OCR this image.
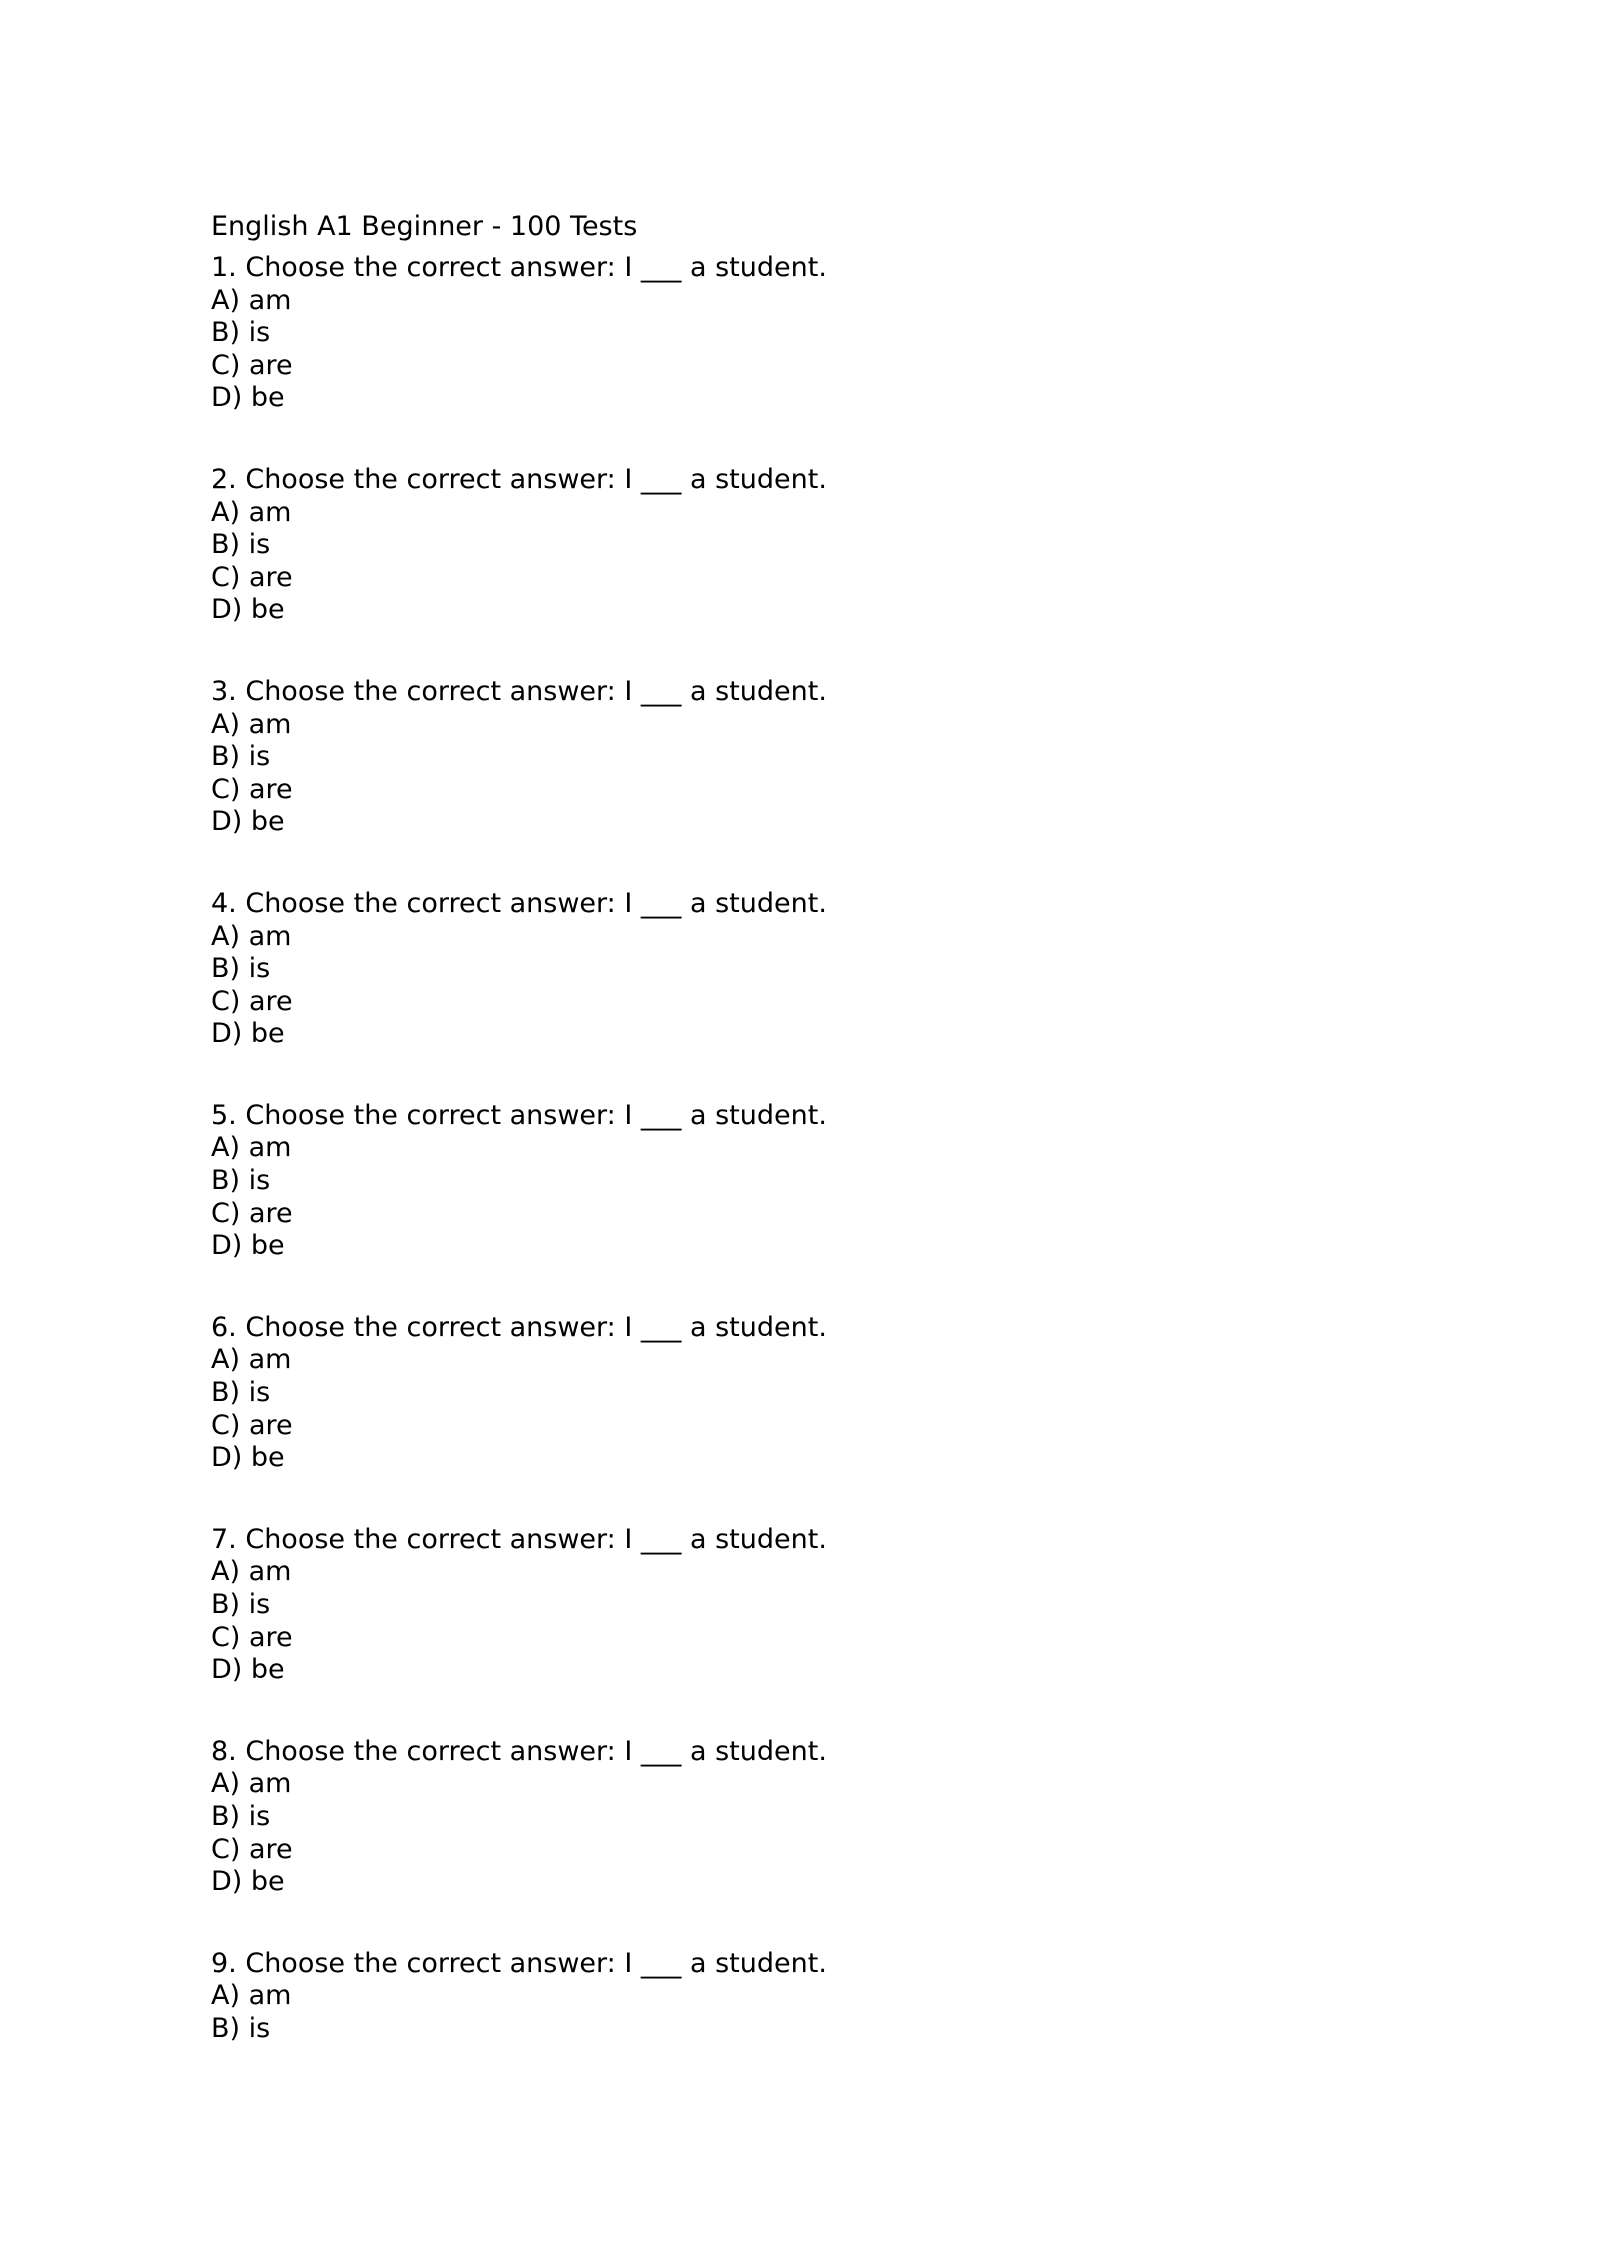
English A1 Beginner - 100 Tests
1. Choose the correct answer: I ___ a student.
A) am
B) is
C) are
D) be
2. Choose the correct answer: I ___ a student.
A) am
B) is
C) are
D) be
3. Choose the correct answer: I ___ a student.
A) am
B) is
C) are
D) be
4. Choose the correct answer: I ___ a student.
A) am
B) is
C) are
D) be
5. Choose the correct answer: I ___ a student.
A) am
B) is
C) are
D) be
6. Choose the correct answer: I ___ a student.
A) am
B) is
C) are
D) be
7. Choose the correct answer: I ___ a student.
A) am
B) is
C) are
D) be
8. Choose the correct answer: I ___ a student.
A) am
B) is
C) are
D) be
9. Choose the correct answer: I ___ a student.
A) am
B) is
